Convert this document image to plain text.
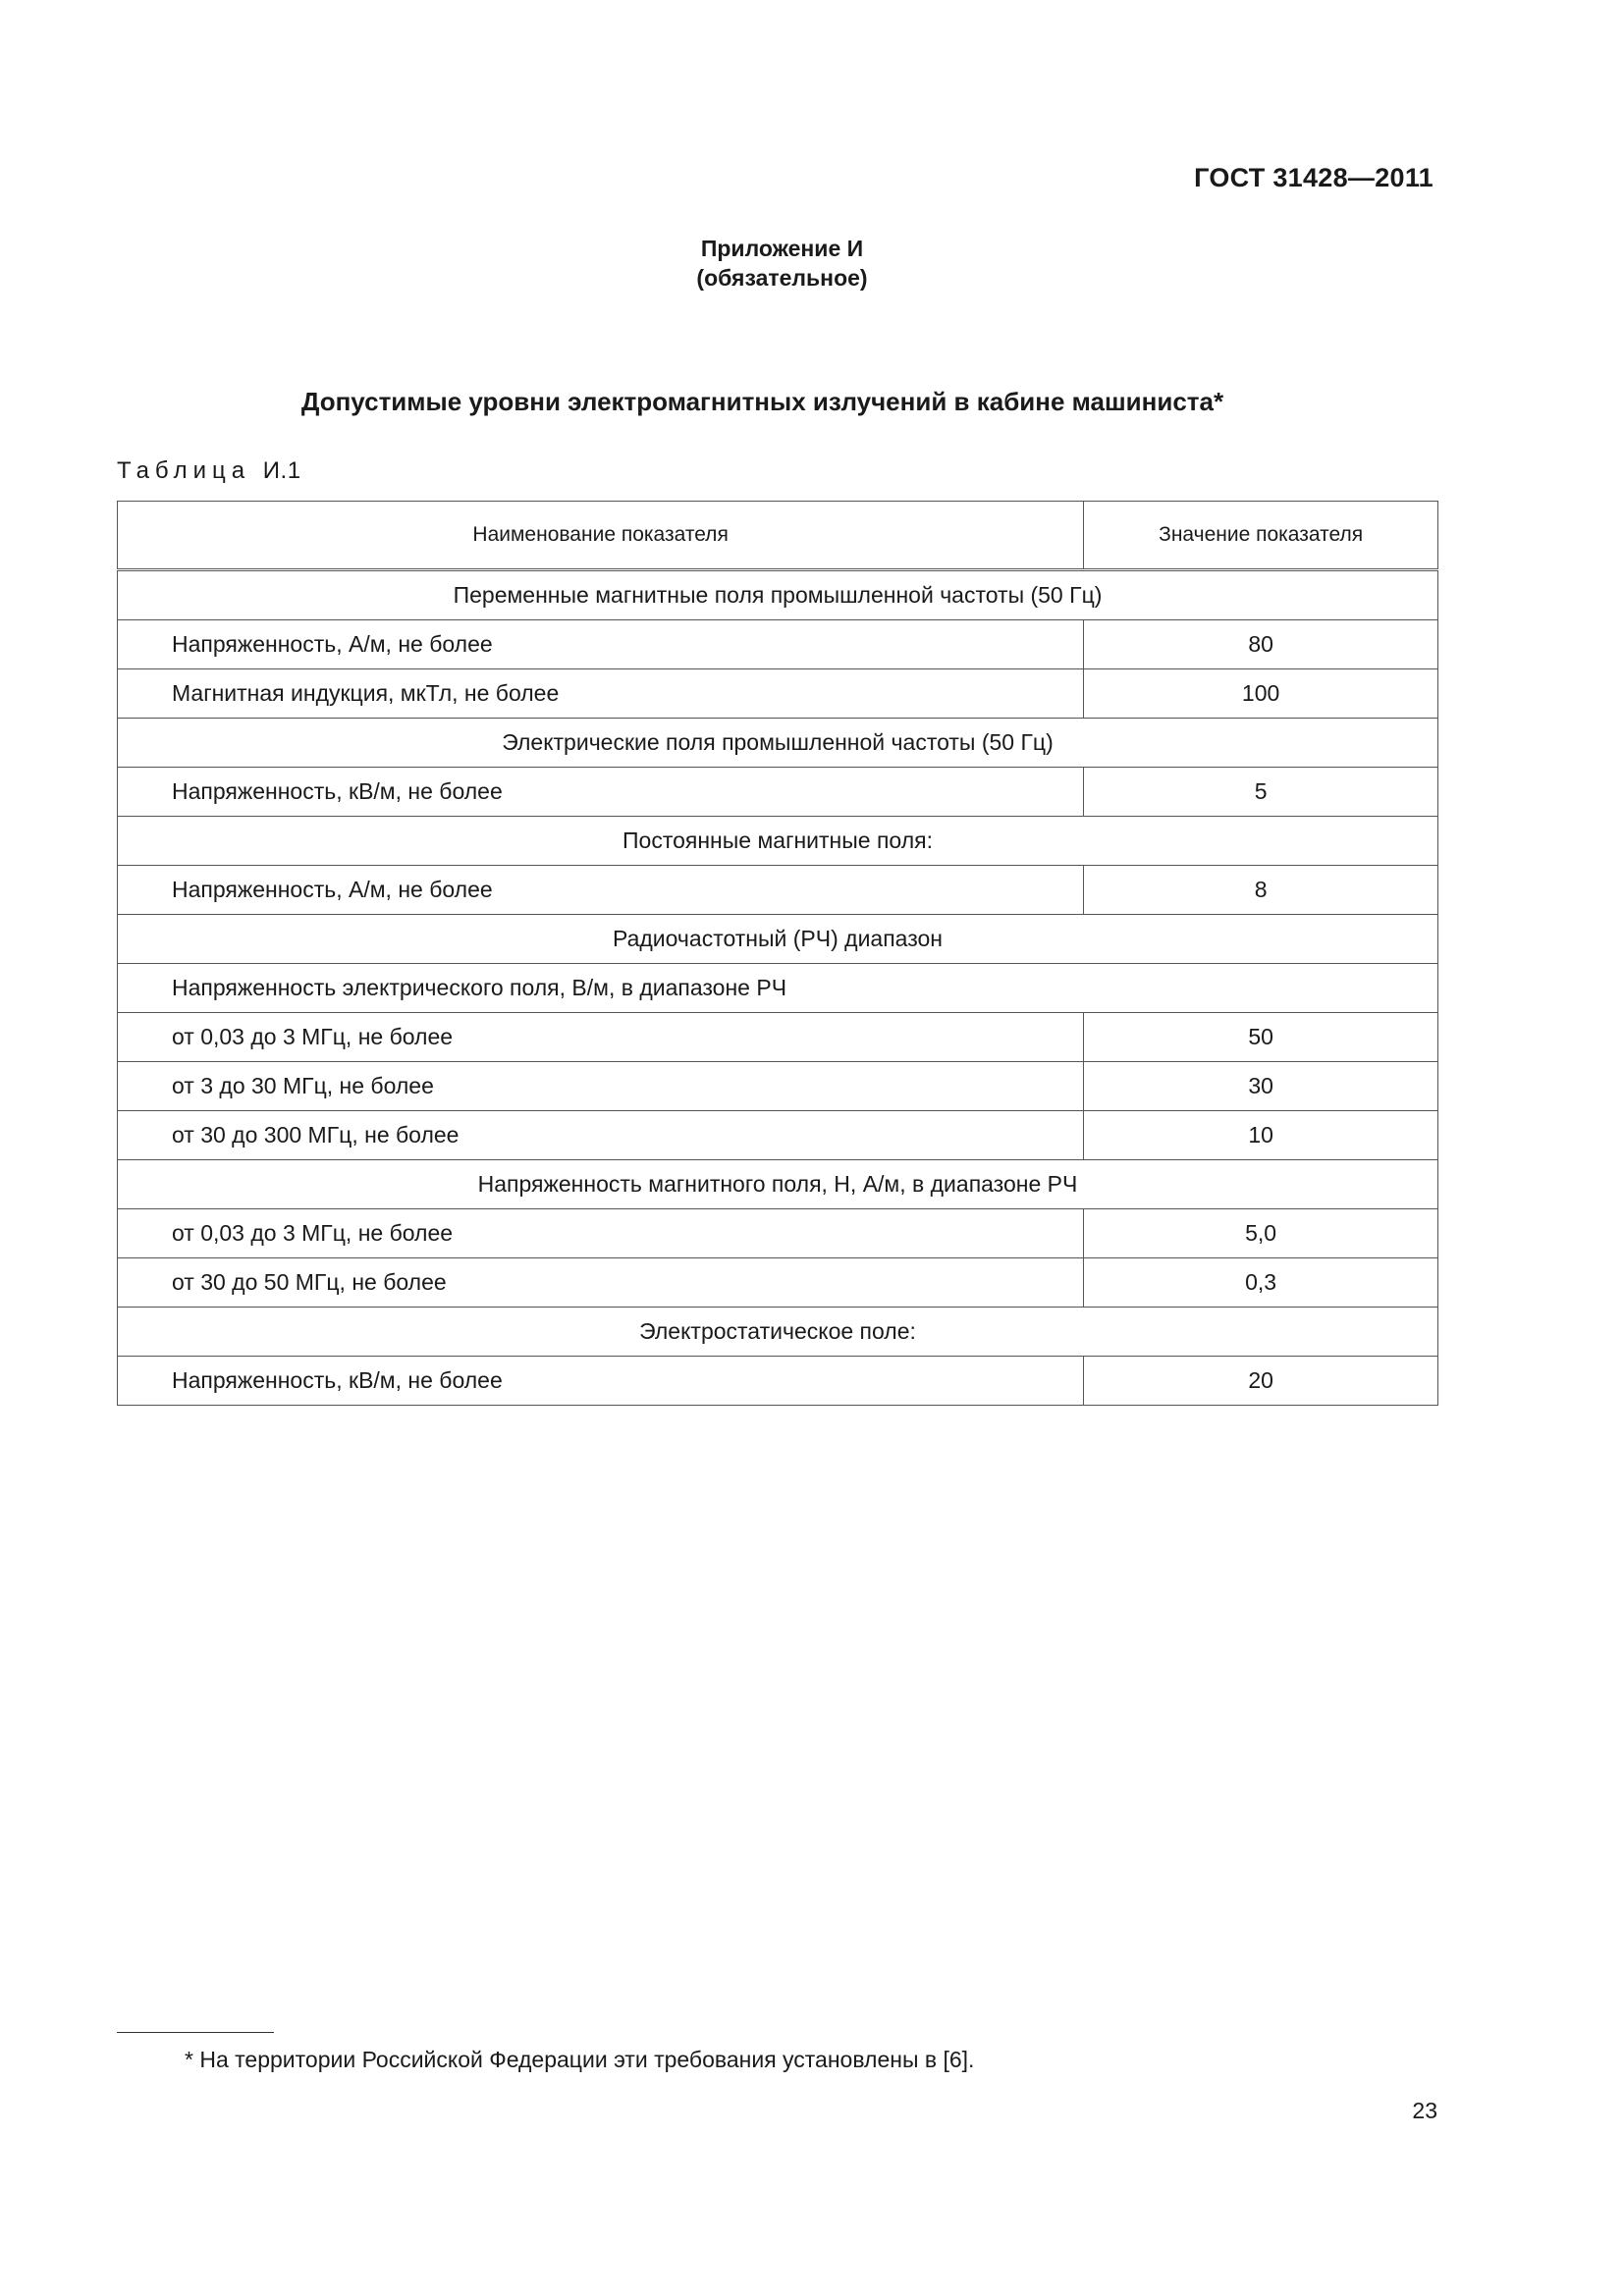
ГОСТ 31428—2011
Приложение И
(обязательное)
Допустимые уровни электромагнитных излучений в кабине машиниста*
Таблица И.1
Наименование показателя	Значение показателя
Переменные магнитные поля промышленной частоты (50 Гц)	
Напряженность, А/м, не более	80
Магнитная индукция, мкТл, не более	100
Электрические поля промышленной частоты (50 Гц)	
Напряженность, кВ/м, не более	5
Постоянные магнитные поля:	
Напряженность, А/м, не более	8
Радиочастотный (РЧ) диапазон	
Напряженность электрического поля, В/м, в диапазоне РЧ	
от 0,03 до 3 МГц, не более	50
от 3 до 30 МГц, не более	30
от 30 до 300 МГц, не более	10
Напряженность магнитного поля, Н, А/м, в диапазоне РЧ	
от 0,03 до 3 МГц, не более	5,0
от 30 до 50 МГц, не более	0,3
Электростатическое поле:	
Напряженность, кВ/м, не более	20
* На территории Российской Федерации эти требования установлены в [6].
23
